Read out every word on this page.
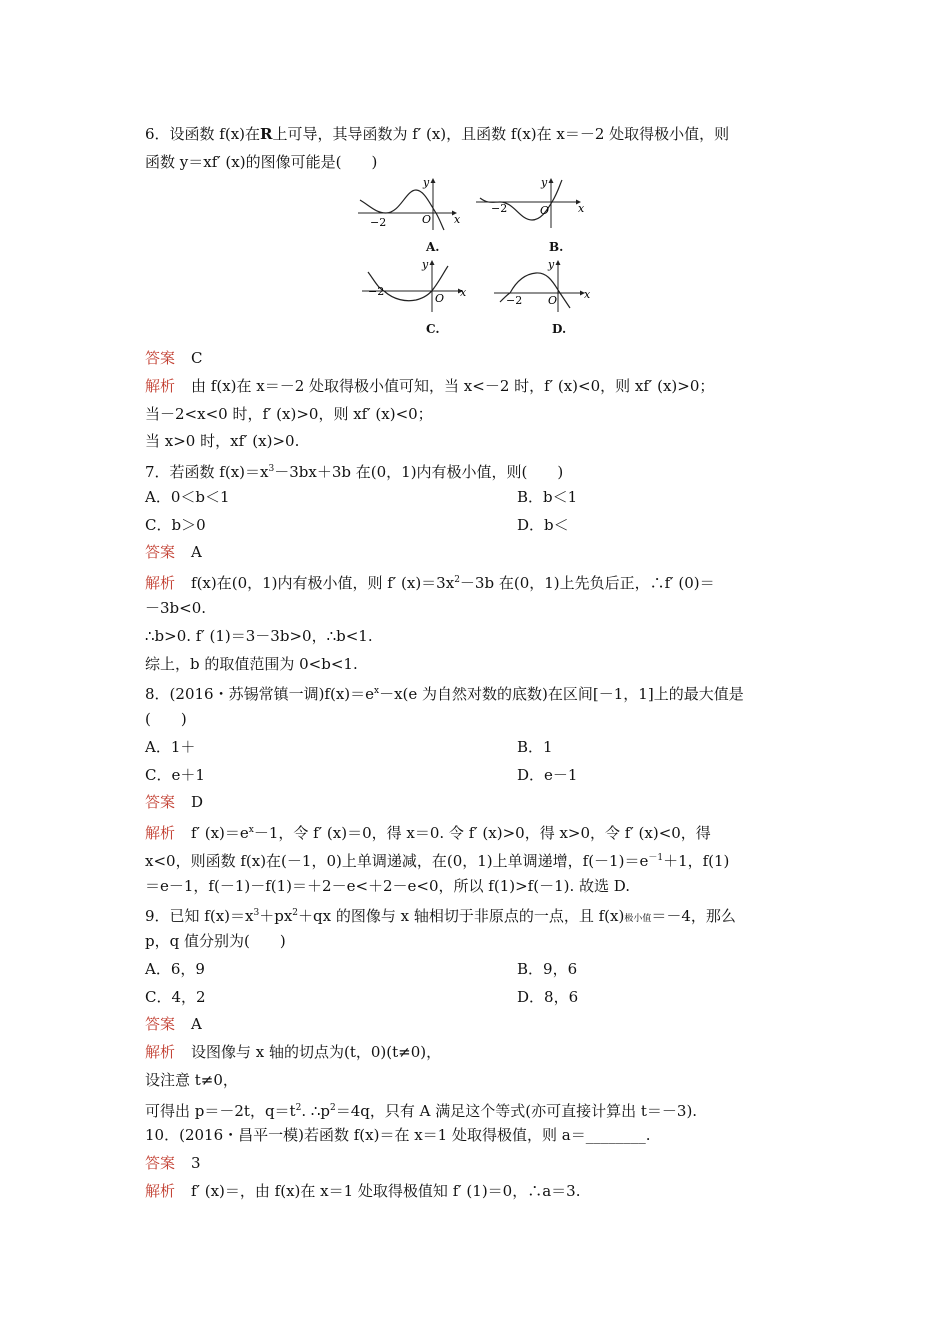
6．设函数 f(x)在R上可导，其导函数为 f′ (x)，且函数 f(x)在 x＝－2 处取得极小值，则
函数 y＝xf′ (x)的图像可能是(　　)
−2	O x
y
A.
−2	O	x
y
B.
−2
O x
y
C.
−2 O x
y
D.
答案 C
解析 由 f(x)在 x＝－2 处取得极小值可知，当 x<－2 时，f′ (x)<0，则 xf′ (x)>0；
当－2<x<0 时，f′ (x)>0，则 xf′ (x)<0；
当 x>0 时，xf′ (x)>0.
7．若函数 $f(x)=x^3-3bx+3b$ 在(0，1)内有极小值，则(　　)
A．0＜b＜1	B．b＜1
C．b＞0	D．b＜
答案 A
解析 f(x)在(0，1)内有极小值，则 f′ $(x)=3x^2-3b$ 在(0，1)上先负后正，∴f′ (0)＝
－3b<0.
∴b>0. f′ (1)＝3－3b>0，∴b<1.
综上，b 的取值范围为 0<b<1.
8．(2016・苏锡常镇一调)$f(x)=e^x-x(e$ 为自然对数的底数)在区间[－1，1]上的最大值是
(　　)
A．1＋	B．1
C．e＋1	D．e－1
答案 D
解析 f′ $(x)=e^x-1$，令 f′ (x)＝0，得 x＝0. 令 f′ (x)>0，得 x>0，令 f′ (x)<0，得
x<0，则函数 f(x)在(－1，0)上单调递减，在(0，1)上单调递增，$f(-1)=e^{-1}+1$，f(1)
＝e－1，f(－1)－f(1)＝＋2－e<＋2－e<0，所以 f(1)>f(－1). 故选 D.
9．已知 $f(x)=x^3+px^2+qx$ 的图像与 x 轴相切于非原点的一点，且 f(x)极小值＝－4，那么
p，q 值分别为(　　)
A．6，9	B．9，6
C．4，2	D．8，6
答案 A
解析 设图像与 x 轴的切点为(t，0)(t≠0)，
设注意 t≠0，
可得出 p＝－2t，$q=t^2$. $\therefore p^2=4q$，只有 A 满足这个等式(亦可直接计算出 t＝－3).
10．(2016・昌平一模)若函数 f(x)＝在 x＝1 处取得极值，则 a＝________.
答案 3
解析 f′ (x)＝，由 f(x)在 x＝1 处取得极值知 f′ (1)＝0，∴a＝3.
